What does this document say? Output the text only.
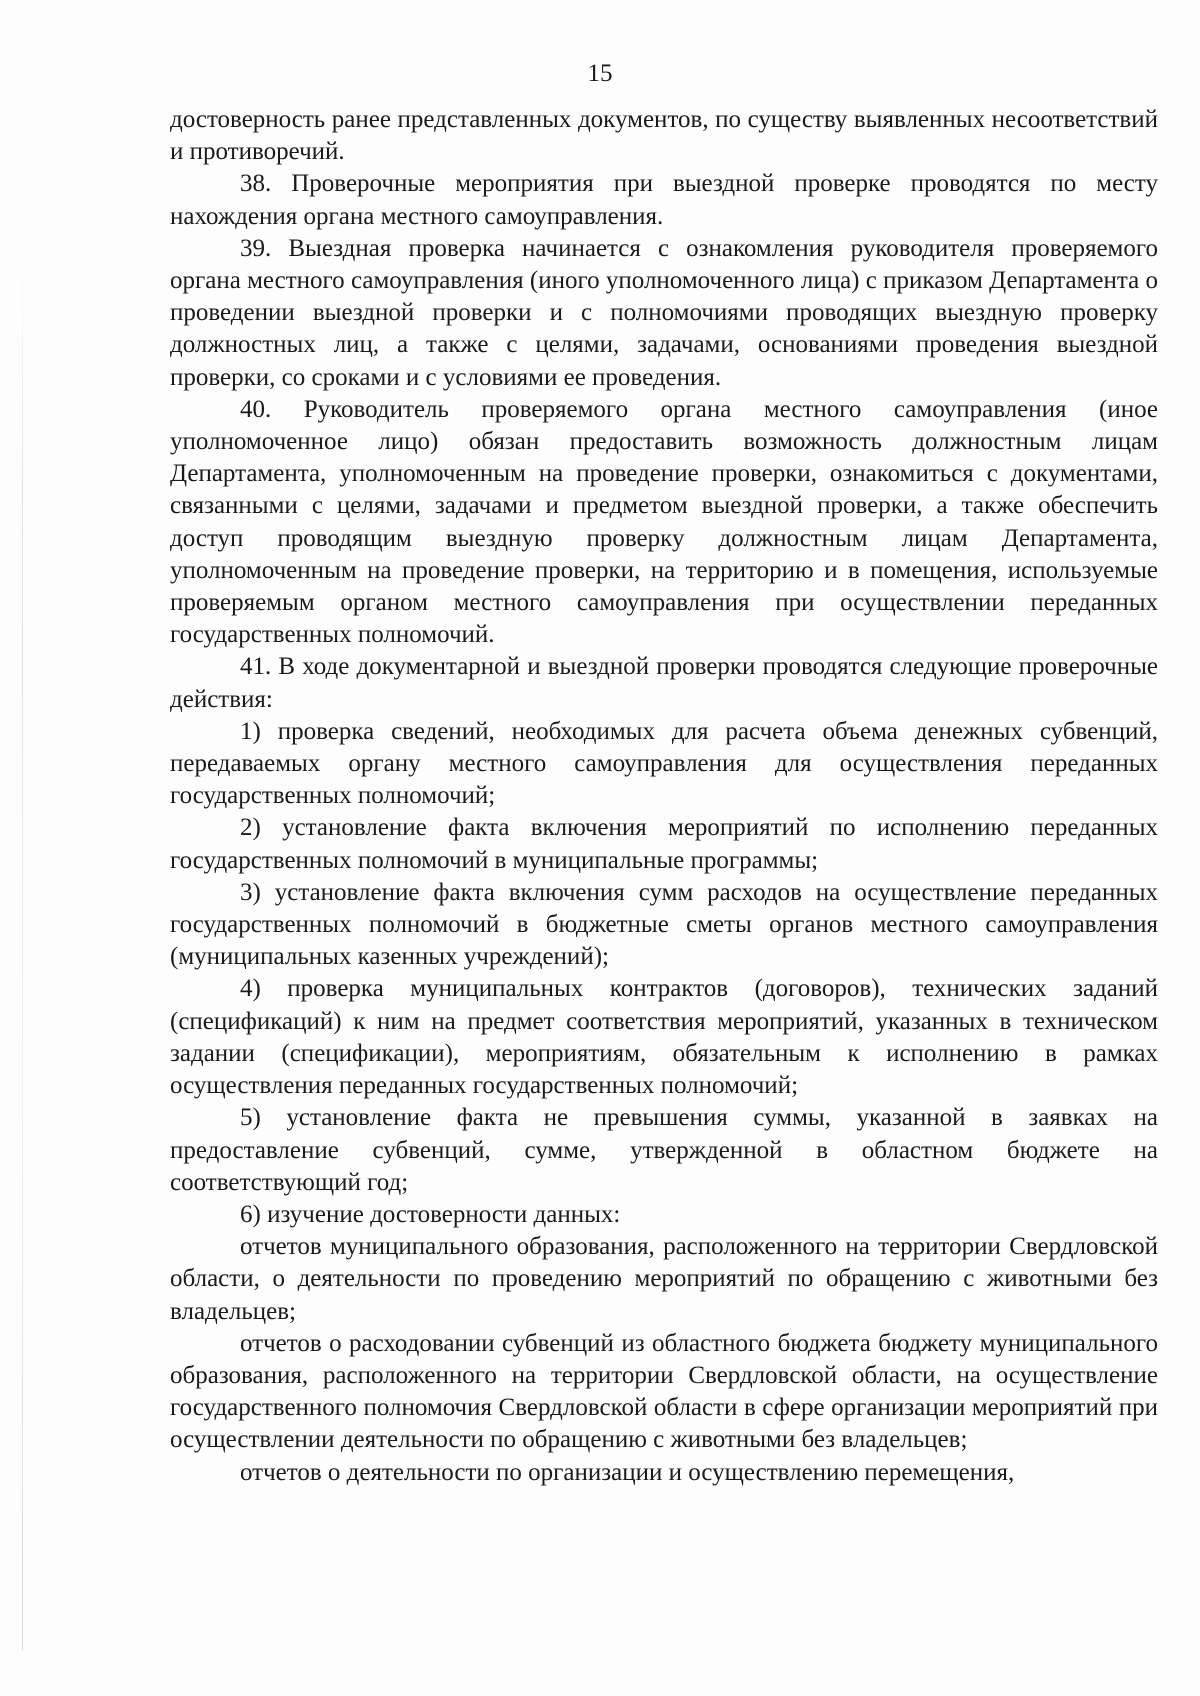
15

достоверность ранее представленных документов, по существу выявленных несоответствий и противоречий.

38. Проверочные мероприятия при выездной проверке проводятся по месту нахождения органа местного самоуправления.

39. Выездная проверка начинается с ознакомления руководителя проверяемого органа местного самоуправления (иного уполномоченного лица) с приказом Департамента о проведении выездной проверки и с полномочиями проводящих выездную проверку должностных лиц, а также с целями, задачами, основаниями проведения выездной проверки, со сроками и с условиями ее проведения.

40. Руководитель проверяемого органа местного самоуправления (иное уполномоченное лицо) обязан предоставить возможность должностным лицам Департамента, уполномоченным на проведение проверки, ознакомиться с документами, связанными с целями, задачами и предметом выездной проверки, а также обеспечить доступ проводящим выездную проверку должностным лицам Департамента, уполномоченным на проведение проверки, на территорию и в помещения, используемые проверяемым органом местного самоуправления при осуществлении переданных государственных полномочий.

41. В ходе документарной и выездной проверки проводятся следующие проверочные действия:

1) проверка сведений, необходимых для расчета объема денежных субвенций, передаваемых органу местного самоуправления для осуществления переданных государственных полномочий;

2) установление факта включения мероприятий по исполнению переданных государственных полномочий в муниципальные программы;

3) установление факта включения сумм расходов на осуществление переданных государственных полномочий в бюджетные сметы органов местного самоуправления (муниципальных казенных учреждений);

4) проверка муниципальных контрактов (договоров), технических заданий (спецификаций) к ним на предмет соответствия мероприятий, указанных в техническом задании (спецификации), мероприятиям, обязательным к исполнению в рамках осуществления переданных государственных полномочий;

5) установление факта не превышения суммы, указанной в заявках на предоставление субвенций, сумме, утвержденной в областном бюджете на соответствующий год;

6) изучение достоверности данных:

отчетов муниципального образования, расположенного на территории Свердловской области, о деятельности по проведению мероприятий по обращению с животными без владельцев;

отчетов о расходовании субвенций из областного бюджета бюджету муниципального образования, расположенного на территории Свердловской области, на осуществление государственного полномочия Свердловской области в сфере организации мероприятий при осуществлении деятельности по обращению с животными без владельцев;

отчетов о деятельности по организации и осуществлению перемещения,
